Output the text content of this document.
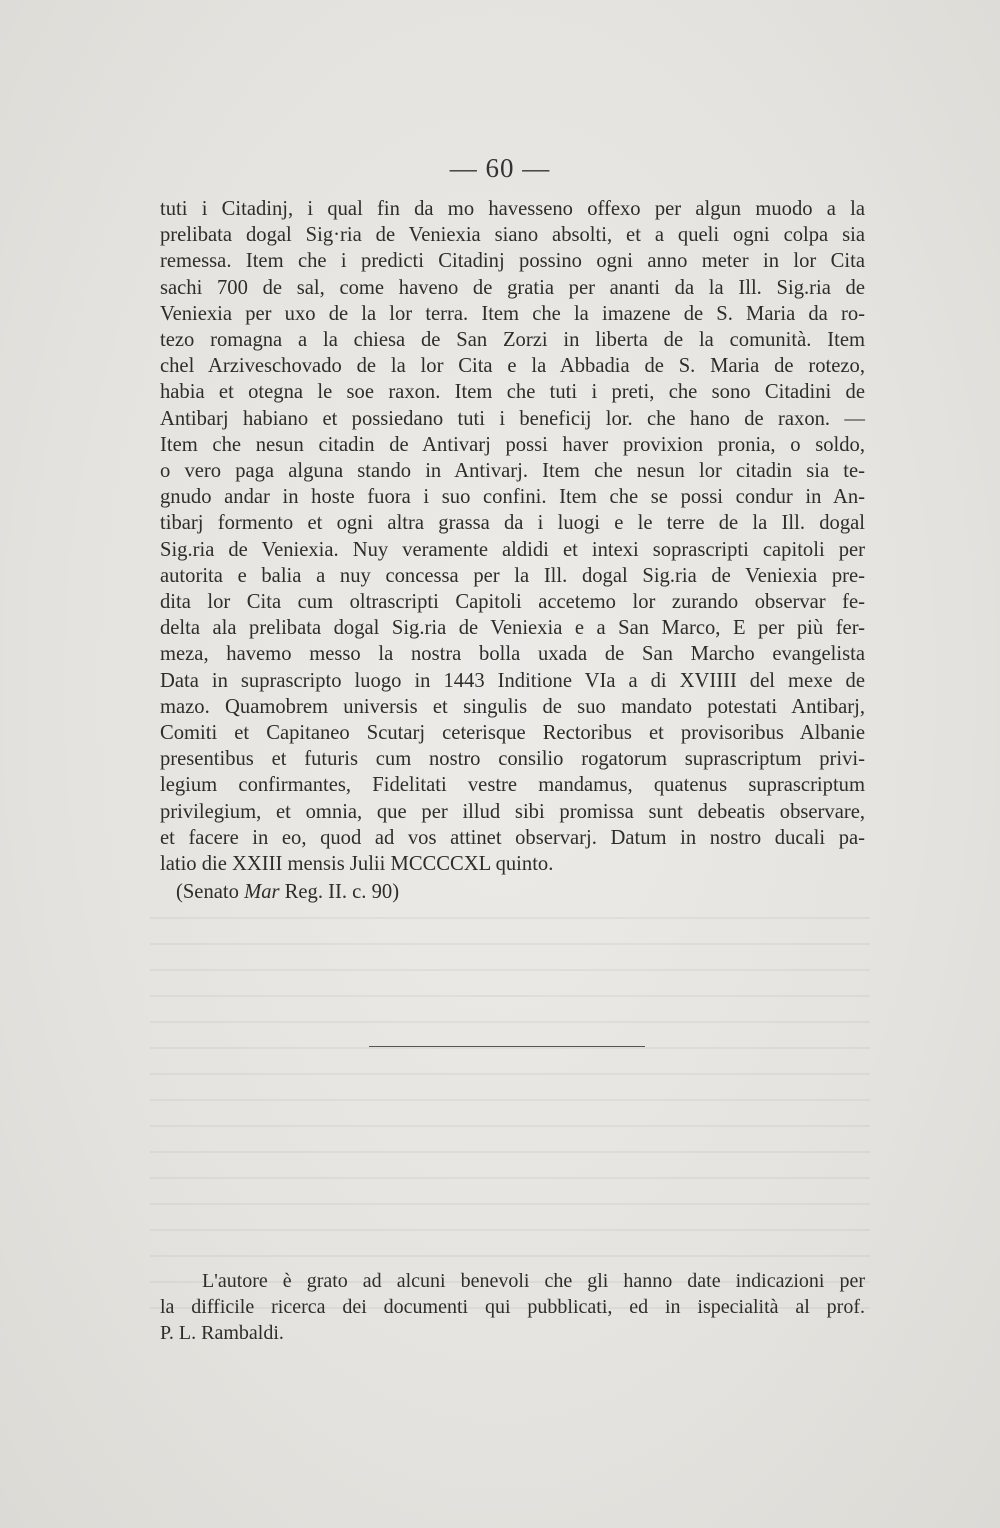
— 60 —
tuti i Citadinj, i qual fin da mo havesseno offexo per algun muodo a la
prelibata dogal Sig·ria de Veniexia siano absolti, et a queli ogni colpa sia
remessa. Item che i predicti Citadinj possino ogni anno meter in lor Cita
sachi 700 de sal, come haveno de gratia per ananti da la Ill. Sig.ria de
Veniexia per uxo de la lor terra. Item che la imazene de S. Maria da ro-
tezo romagna a la chiesa de San Zorzi in liberta de la comunità. Item
chel Arziveschovado de la lor Cita e la Abbadia de S. Maria de rotezo,
habia et otegna le soe raxon. Item che tuti i preti, che sono Citadini de
Antibarj habiano et possiedano tuti i beneficij lor. che hano de raxon. —
Item che nesun citadin de Antivarj possi haver provixion pronia, o soldo,
o vero paga alguna stando in Antivarj. Item che nesun lor citadin sia te-
gnudo andar in hoste fuora i suo confini. Item che se possi condur in An-
tibarj formento et ogni altra grassa da i luogi e le terre de la Ill. dogal
Sig.ria de Veniexia. Nuy veramente aldidi et intexi soprascripti capitoli per
autorita e balia a nuy concessa per la Ill. dogal Sig.ria de Veniexia pre-
dita lor Cita cum oltrascripti Capitoli accetemo lor zurando observar fe-
delta ala prelibata dogal Sig.ria de Veniexia e a San Marco, E per più fer-
meza, havemo messo la nostra bolla uxada de San Marcho evangelista
Data in suprascripto luogo in 1443 Inditione VIa a di XVIIII del mexe de
mazo. Quamobrem universis et singulis de suo mandato potestati Antibarj,
Comiti et Capitaneo Scutarj ceterisque Rectoribus et provisoribus Albanie
presentibus et futuris cum nostro consilio rogatorum suprascriptum privi-
legium confirmantes, Fidelitati vestre mandamus, quatenus suprascriptum
privilegium, et omnia, que per illud sibi promissa sunt debeatis observare,
et facere in eo, quod ad vos attinet observarj. Datum in nostro ducali pa-
latio die XXIII mensis Julii MCCCCXL quinto.
(Senato Mar Reg. II. c. 90)
L'autore è grato ad alcuni benevoli che gli hanno date indicazioni per
la difficile ricerca dei documenti qui pubblicati, ed in ispecialità al prof.
P. L. Rambaldi.
